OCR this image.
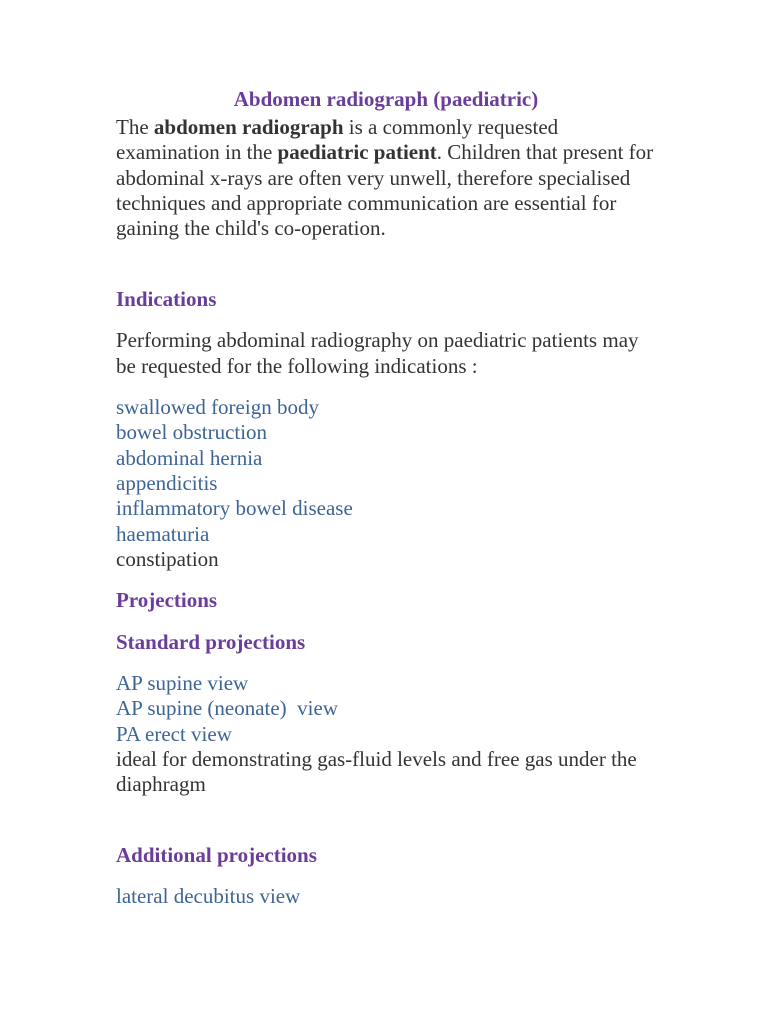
Abdomen radiograph (paediatric)

The abdomen radiograph is a commonly requested examination in the paediatric patient. Children that present for abdominal x-rays are often very unwell, therefore specialised techniques and appropriate communication are essential for gaining the child's co-operation.

Indications

Performing abdominal radiography on paediatric patients may be requested for the following indications :

swallowed foreign body
bowel obstruction
abdominal hernia
appendicitis
inflammatory bowel disease
haematuria
constipation
Projections
Standard projections
AP supine view
AP supine (neonate)  view
PA erect view

ideal for demonstrating gas-fluid levels and free gas under the diaphragm

Additional projections
lateral decubitus view
